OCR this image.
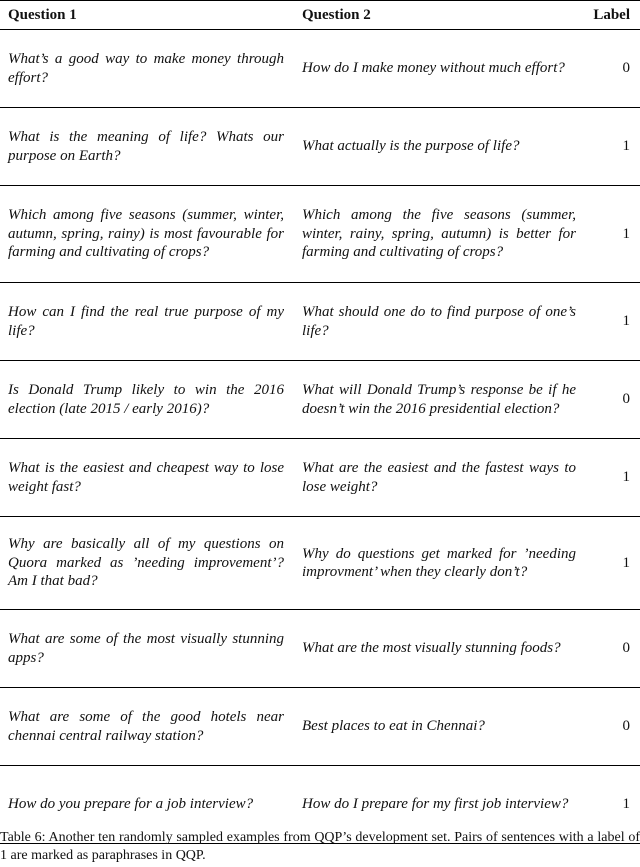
Question 1	Question 2	Label
What’s a good way to make money through effort?	How do I make money without much effort?	0
What is the meaning of life? Whats our purpose on Earth?	What actually is the purpose of life?	1
Which among five seasons (summer, winter, autumn, spring, rainy) is most favourable for farming and cultivating of crops?	Which among the five seasons (summer, winter, rainy, spring, autumn) is better for farming and cultivating of crops?	1
How can I find the real true purpose of my life?	What should one do to find purpose of one’s life?	1
Is Donald Trump likely to win the 2016 election (late 2015 / early 2016)?	What will Donald Trump’s response be if he doesn’t win the 2016 presidential election?	0
What is the easiest and cheapest way to lose weight fast?	What are the easiest and the fastest ways to lose weight?	1
Why are basically all of my questions on Quora marked as ’needing improvement’? Am I that bad?	Why do questions get marked for ’needing improvment’ when they clearly don’t?	1
What are some of the most visually stunning apps?	What are the most visually stunning foods?	0
What are some of the good hotels near chennai central railway station?	Best places to eat in Chennai?	0
How do you prepare for a job interview?	How do I prepare for my first job interview?	1
Table 6: Another ten randomly sampled examples from QQP’s development set. Pairs of sentences with a label of 1 are marked as paraphrases in QQP.
